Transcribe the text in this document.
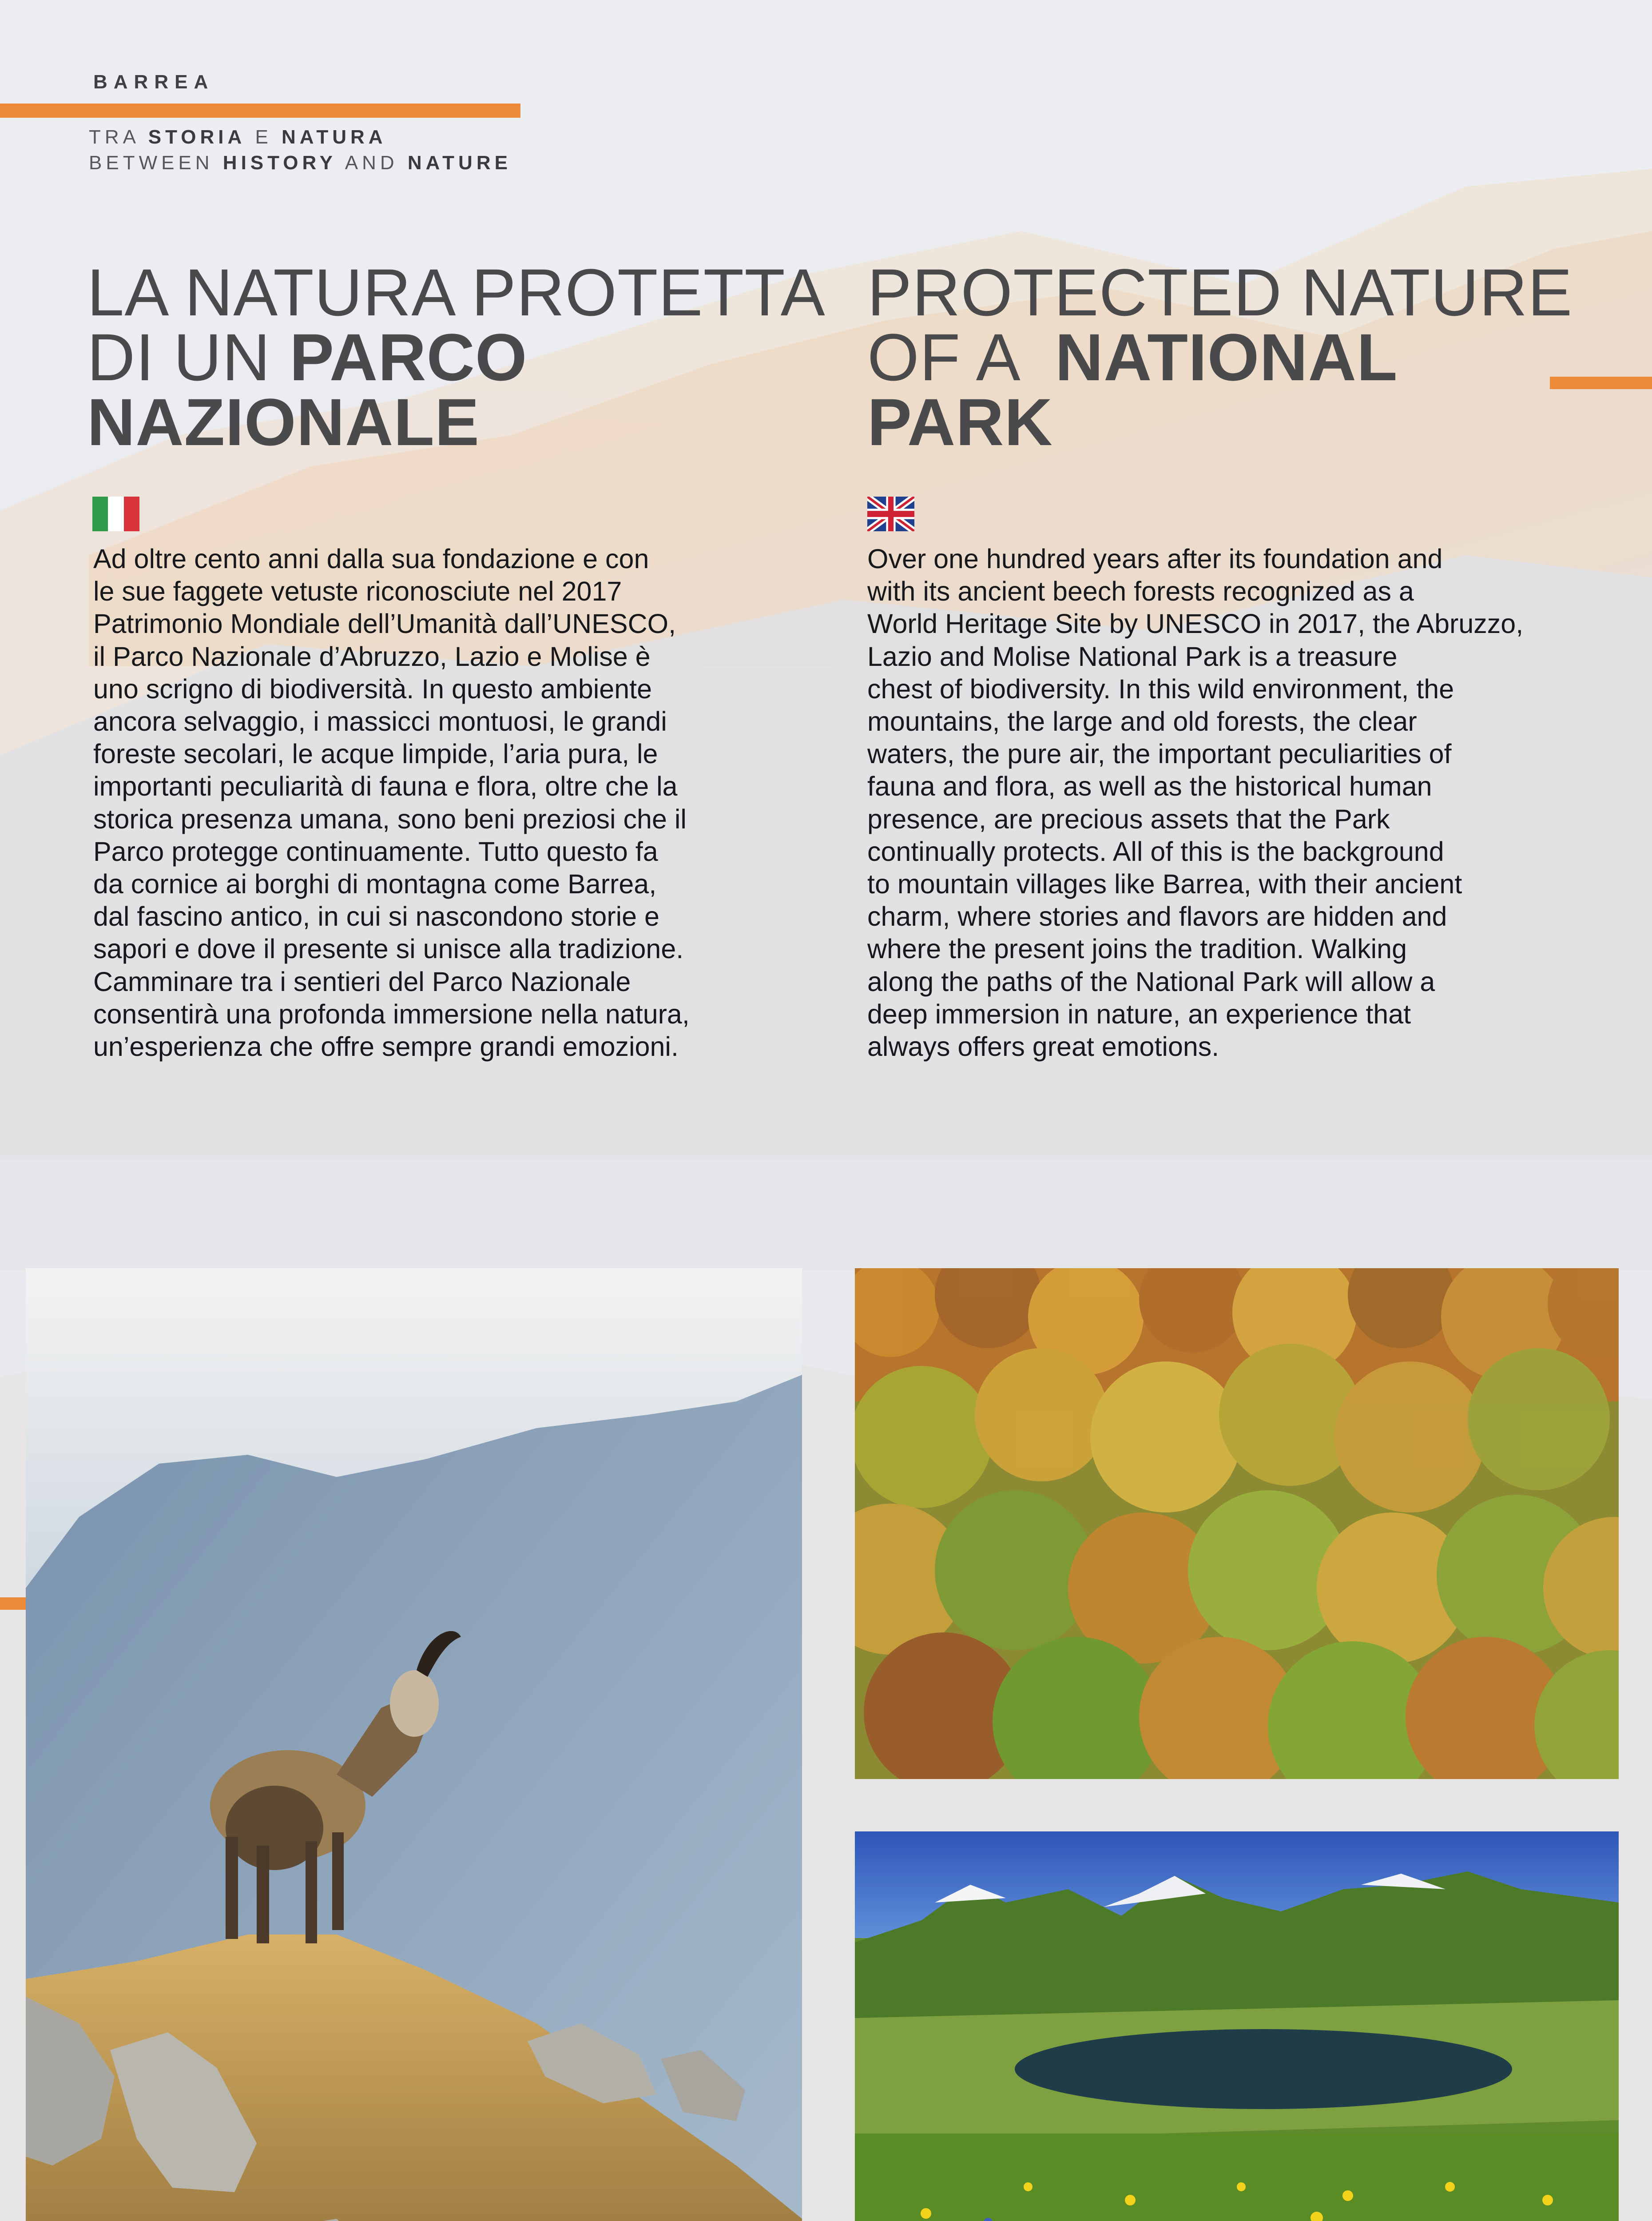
BARREA
TRA STORIA E NATURA
BETWEEN HISTORY AND NATURE
LA NATURA PROTETTA
DI UN PARCO
NAZIONALE
PROTECTED NATURE
OF A  NATIONAL
PARK
Ad oltre cento anni dalla sua fondazione e con
le sue faggete vetuste riconosciute nel 2017
Patrimonio Mondiale dell’Umanità dall’UNESCO,
il Parco Nazionale d’Abruzzo, Lazio e Molise è
uno scrigno di biodiversità. In questo ambiente
ancora selvaggio, i massicci montuosi, le grandi
foreste secolari, le acque limpide, l’aria pura, le
importanti peculiarità di fauna e flora, oltre che la
storica presenza umana, sono beni preziosi che il
Parco protegge continuamente. Tutto questo fa
da cornice ai borghi di montagna come Barrea,
dal fascino antico, in cui si nascondono storie e
sapori e dove il presente si unisce alla tradizione.
Camminare tra i sentieri del Parco Nazionale
consentirà una profonda immersione nella natura,
un’esperienza che offre sempre grandi emozioni.
Over one hundred years after its foundation and
with its ancient beech forests recognized as a
World Heritage Site by UNESCO in 2017, the Abruzzo,
Lazio and Molise National Park is a treasure
chest of biodiversity. In this wild environment, the
mountains, the large and old forests, the clear
waters, the pure air, the important peculiarities of
fauna and flora, as well as the historical human
presence, are precious assets that the Park
continually protects. All of this is the background
to mountain villages like Barrea, with their ancient
charm, where stories and flavors are hidden and
where the present joins the tradition. Walking
along the paths of the National Park will allow a
deep immersion in nature, an experience that
always offers great emotions.
